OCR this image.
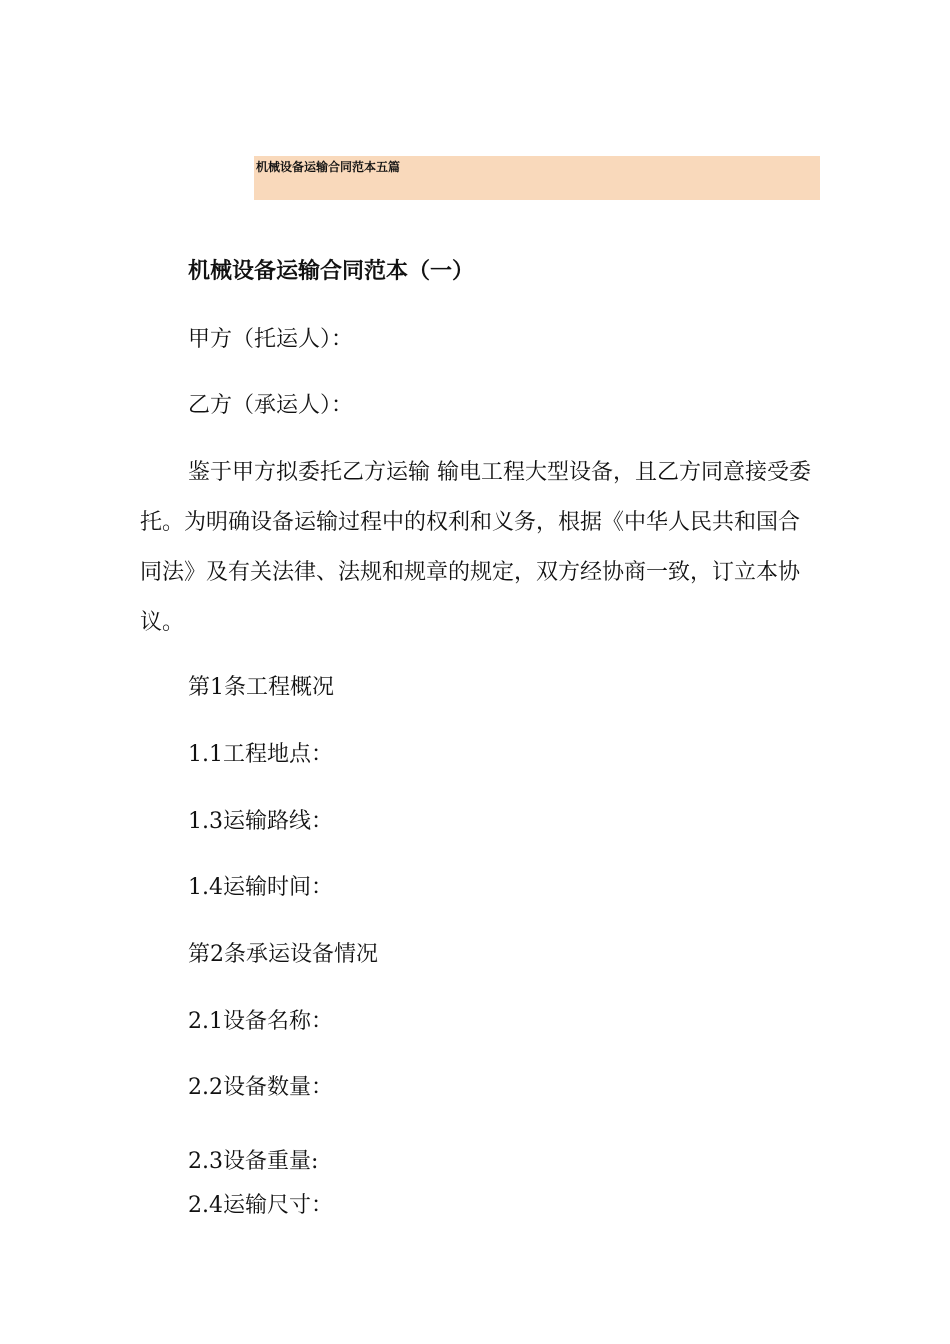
机械设备运输合同范本五篇
机械设备运输合同范本（一）
甲方（托运人）：
乙方（承运人）：

鉴于甲方拟委托乙方运输 输电工程大型设备，且乙方同意接受委托。为明确设备运输过程中的权利和义务，根据《中华人民共和国合同法》及有关法律、法规和规章的规定，双方经协商一致，订立本协议。

第1条工程概况
1.1工程地点：
1.3运输路线：
1.4运输时间：
第2条承运设备情况
2.1设备名称：
2.2设备数量：
2.3设备重量:
2.4运输尺寸：
